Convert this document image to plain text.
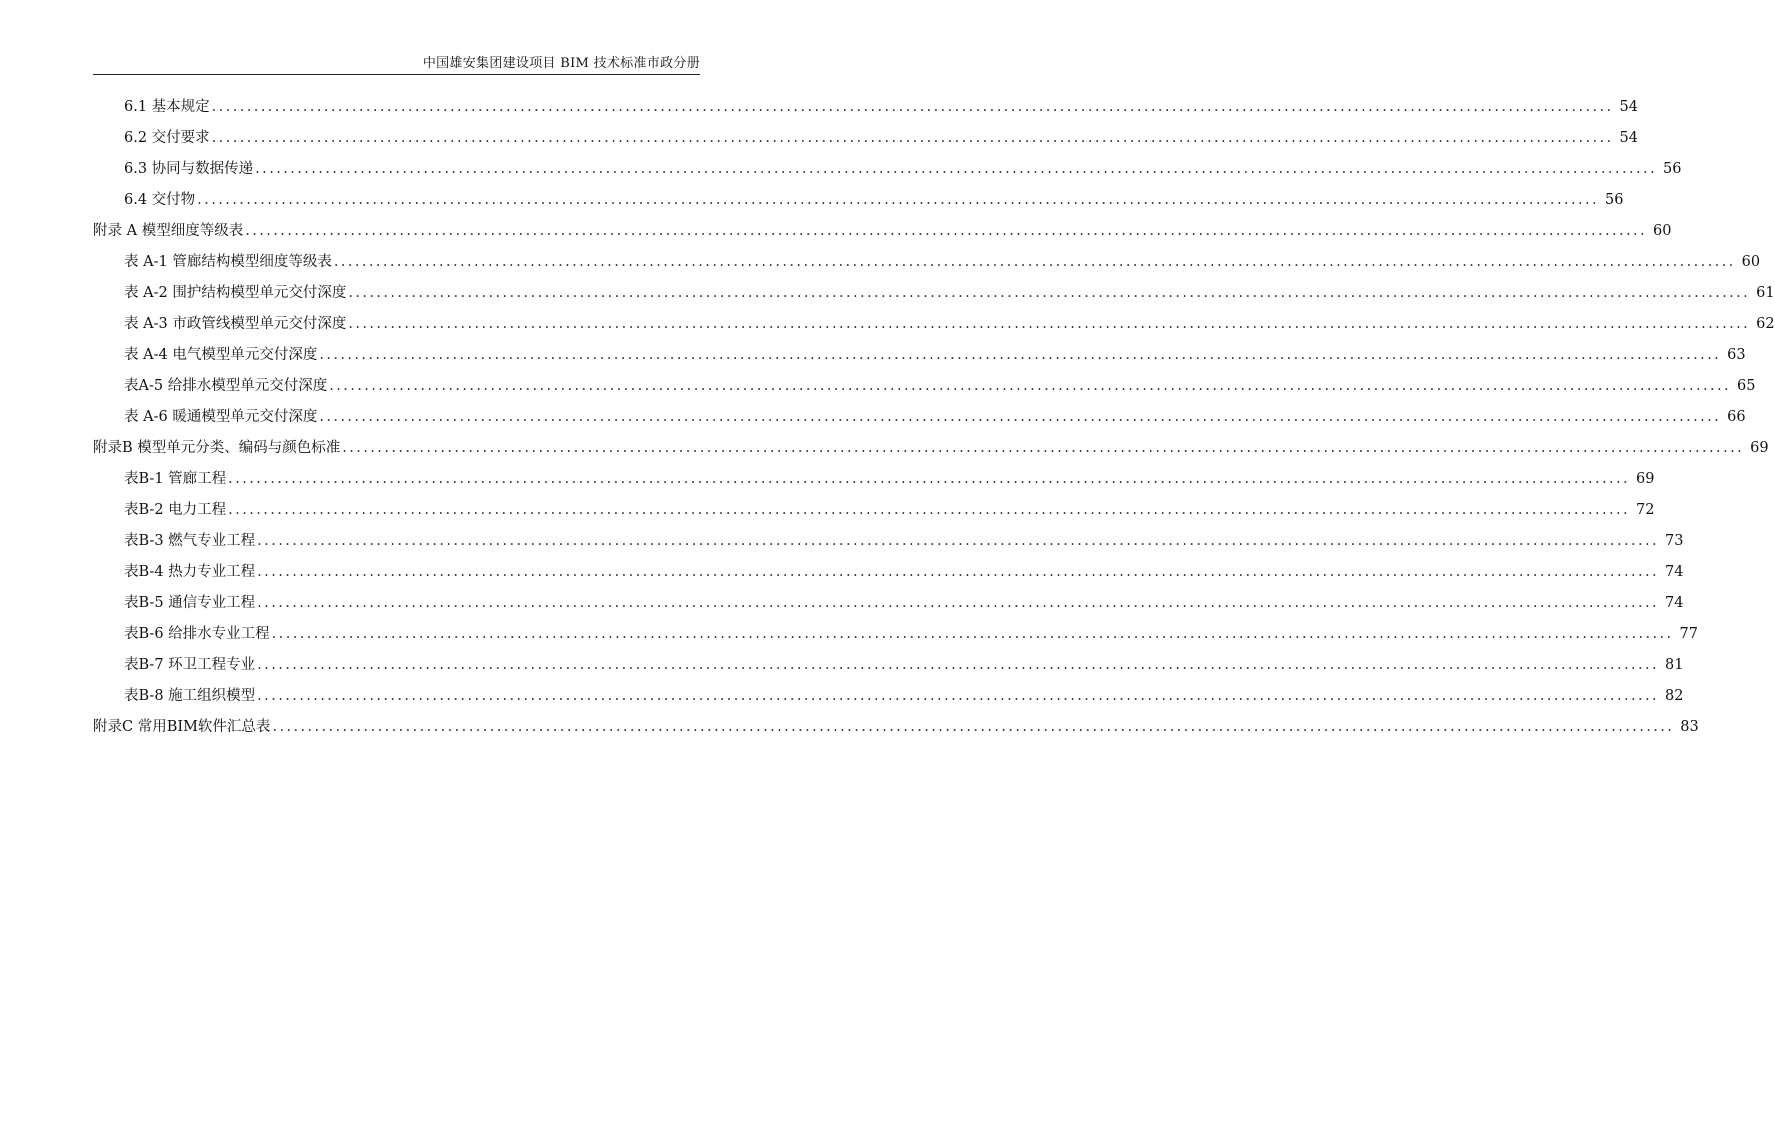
中国雄安集团建设项目 BIM 技术标准市政分册
6.1 基本规定 ........................................................................................................................................................................................................ 54
6.2 交付要求 ........................................................................................................................................................................................................ 54
6.3 协同与数据传递 ........................................................................................................................................................................................................ 56
6.4 交付物 ........................................................................................................................................................................................................ 56
附录 A 模型细度等级表 ........................................................................................................................................................................................................ 60
表 A-1 管廊结构模型细度等级表 ........................................................................................................................................................................................................ 60
表 A-2 围护结构模型单元交付深度 ........................................................................................................................................................................................................ 61
表 A-3 市政管线模型单元交付深度 ........................................................................................................................................................................................................ 62
表 A-4 电气模型单元交付深度 ........................................................................................................................................................................................................ 63
表A-5 给排水模型单元交付深度 ........................................................................................................................................................................................................ 65
表 A-6 暖通模型单元交付深度 ........................................................................................................................................................................................................ 66
附录B 模型单元分类、编码与颜色标准 ........................................................................................................................................................................................................ 69
表B-1 管廊工程 ........................................................................................................................................................................................................ 69
表B-2 电力工程 ........................................................................................................................................................................................................ 72
表B-3 燃气专业工程 ........................................................................................................................................................................................................ 73
表B-4 热力专业工程 ........................................................................................................................................................................................................ 74
表B-5 通信专业工程 ........................................................................................................................................................................................................ 74
表B-6 给排水专业工程 ........................................................................................................................................................................................................ 77
表B-7 环卫工程专业 ........................................................................................................................................................................................................ 81
表B-8 施工组织模型 ........................................................................................................................................................................................................ 82
附录C 常用BIM软件汇总表 ........................................................................................................................................................................................................ 83
